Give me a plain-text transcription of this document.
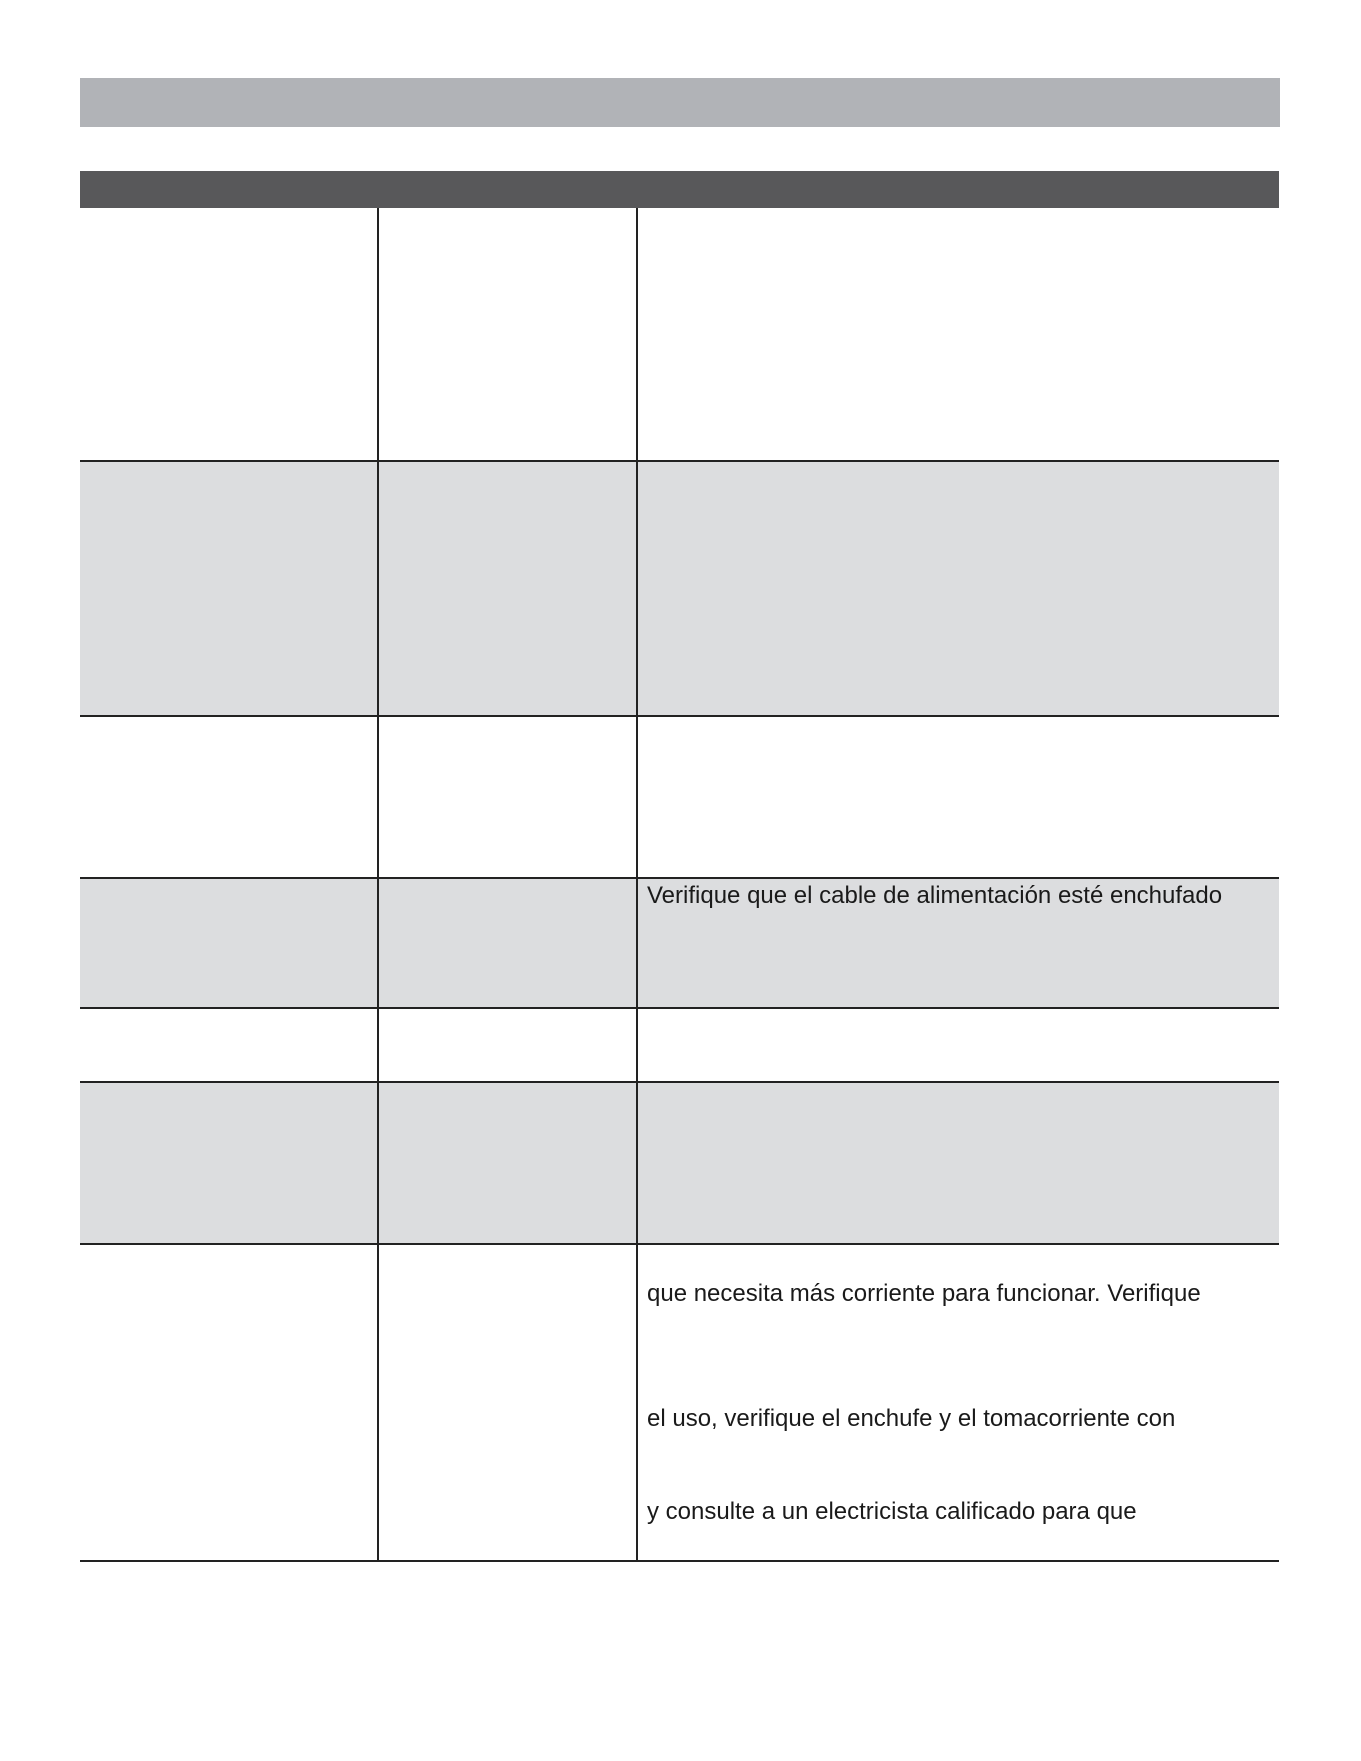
Verifique que el cable de alimentación esté enchufado
que necesita más corriente para funcionar. Verifique
el uso, verifique el enchufe y el tomacorriente con
y consulte a un electricista calificado para que
